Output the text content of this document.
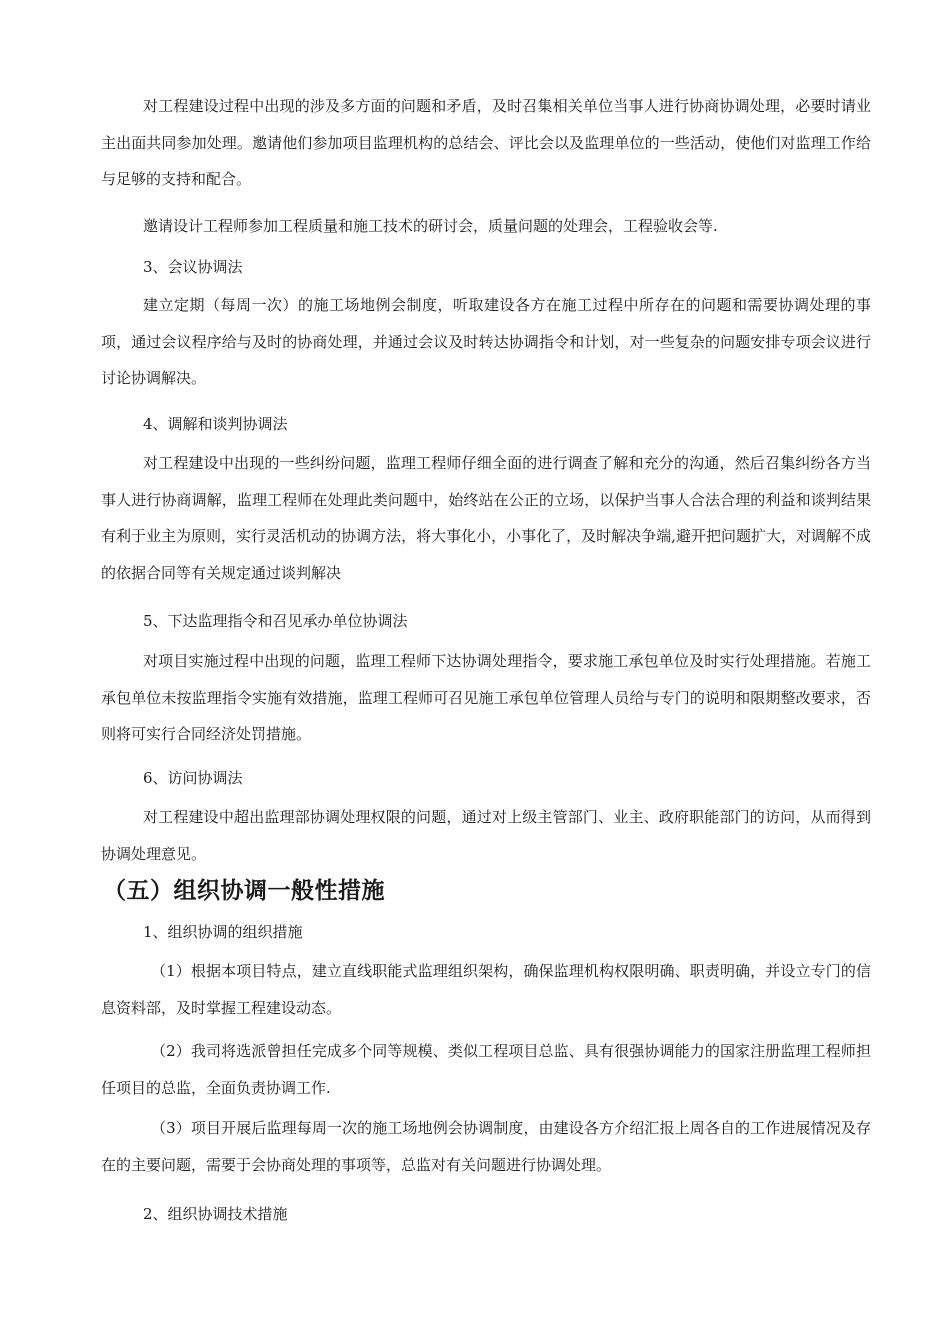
对工程建设过程中出现的涉及多方面的问题和矛盾，及时召集相关单位当事人进行协商协调处理，必要时请业主出面共同参加处理。邀请他们参加项目监理机构的总结会、评比会以及监理单位的一些活动，使他们对监理工作给与足够的支持和配合。

邀请设计工程师参加工程质量和施工技术的研讨会，质量问题的处理会，工程验收会等.

3、会议协调法

建立定期（每周一次）的施工场地例会制度，听取建设各方在施工过程中所存在的问题和需要协调处理的事项，通过会议程序给与及时的协商处理，并通过会议及时转达协调指令和计划，对一些复杂的问题安排专项会议进行讨论协调解决。

4、调解和谈判协调法

对工程建设中出现的一些纠纷问题，监理工程师仔细全面的进行调查了解和充分的沟通，然后召集纠纷各方当事人进行协商调解，监理工程师在处理此类问题中，始终站在公正的立场，以保护当事人合法合理的利益和谈判结果有利于业主为原则，实行灵活机动的协调方法，将大事化小，小事化了，及时解决争端,避开把问题扩大，对调解不成的依据合同等有关规定通过谈判解决

5、下达监理指令和召见承办单位协调法

对项目实施过程中出现的问题，监理工程师下达协调处理指令，要求施工承包单位及时实行处理措施。若施工承包单位未按监理指令实施有效措施，监理工程师可召见施工承包单位管理人员给与专门的说明和限期整改要求，否则将可实行合同经济处罚措施。

6、访问协调法

对工程建设中超出监理部协调处理权限的问题，通过对上级主管部门、业主、政府职能部门的访问，从而得到协调处理意见。

（五）组织协调一般性措施

1、组织协调的组织措施

（1）根据本项目特点，建立直线职能式监理组织架构，确保监理机构权限明确、职责明确，并设立专门的信息资料部，及时掌握工程建设动态。

（2）我司将选派曾担任完成多个同等规模、类似工程项目总监、具有很强协调能力的国家注册监理工程师担任项目的总监，全面负责协调工作.

（3）项目开展后监理每周一次的施工场地例会协调制度，由建设各方介绍汇报上周各自的工作进展情况及存在的主要问题，需要于会协商处理的事项等，总监对有关问题进行协调处理。

2、组织协调技术措施
